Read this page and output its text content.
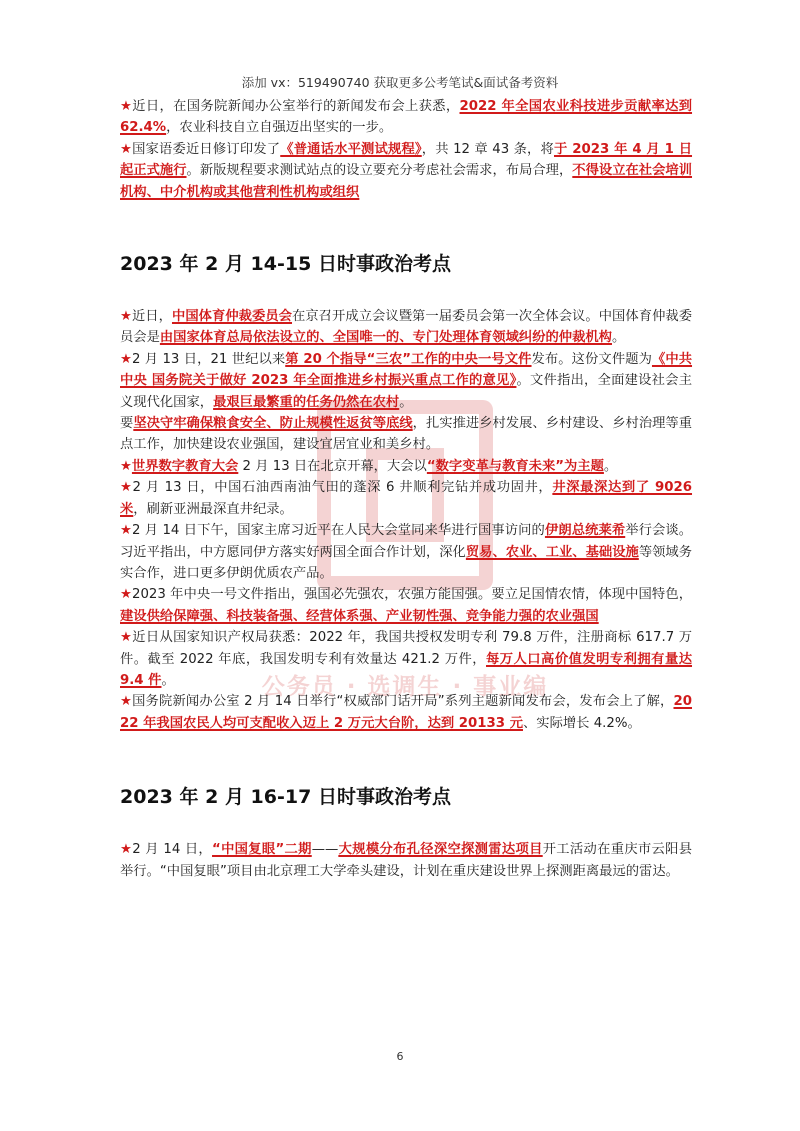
公务员 · 选调生 · 事业编
添加 vx：519490740 获取更多公考笔试&面试备考资料

★近日，在国务院新闻办公室举行的新闻发布会上获悉，2022 年全国农业科技进步贡献率达到 62.4%，农业科技自立自强迈出坚实的一步。

★国家语委近日修订印发了《普通话水平测试规程》，共 12 章 43 条，将于 2023 年 4 月 1 日起正式施行。新版规程要求测试站点的设立要充分考虑社会需求，布局合理，不得设立在社会培训机构、中介机构或其他营利性机构或组织

2023 年 2 月 14-15 日时事政治考点

★近日，中国体育仲裁委员会在京召开成立会议暨第一届委员会第一次全体会议。中国体育仲裁委员会是由国家体育总局依法设立的、全国唯一的、专门处理体育领域纠纷的仲裁机构。

★2 月 13 日，21 世纪以来第 20 个指导“三农”工作的中央一号文件发布。这份文件题为《中共中央 国务院关于做好 2023 年全面推进乡村振兴重点工作的意见》。文件指出，全面建设社会主义现代化国家，最艰巨最繁重的任务仍然在农村。

要坚决守牢确保粮食安全、防止规模性返贫等底线，扎实推进乡村发展、乡村建设、乡村治理等重点工作，加快建设农业强国，建设宜居宜业和美乡村。

★世界数字教育大会 2 月 13 日在北京开幕，大会以“数字变革与教育未来”为主题。

★2 月 13 日，中国石油西南油气田的蓬深 6 井顺利完钻并成功固井，井深最深达到了 9026 米，刷新亚洲最深直井纪录。

★2 月 14 日下午，国家主席习近平在人民大会堂同来华进行国事访问的伊朗总统莱希举行会谈。习近平指出，中方愿同伊方落实好两国全面合作计划，深化贸易、农业、工业、基础设施等领域务实合作，进口更多伊朗优质农产品。

★2023 年中央一号文件指出，强国必先强农，农强方能国强。要立足国情农情，体现中国特色，建设供给保障强、科技装备强、经营体系强、产业韧性强、竞争能力强的农业强国

★近日从国家知识产权局获悉：2022 年，我国共授权发明专利 79.8 万件，注册商标 617.7 万件。截至 2022 年底，我国发明专利有效量达 421.2 万件，每万人口高价值发明专利拥有量达 9.4 件。

★国务院新闻办公室 2 月 14 日举行“权威部门话开局”系列主题新闻发布会，发布会上了解，2022 年我国农民人均可支配收入迈上 2 万元大台阶，达到 20133 元、实际增长 4.2%。

2023 年 2 月 16-17 日时事政治考点

★2 月 14 日，“中国复眼”二期——大规模分布孔径深空探测雷达项目开工活动在重庆市云阳县举行。“中国复眼”项目由北京理工大学牵头建设，计划在重庆建设世界上探测距离最远的雷达。

6
